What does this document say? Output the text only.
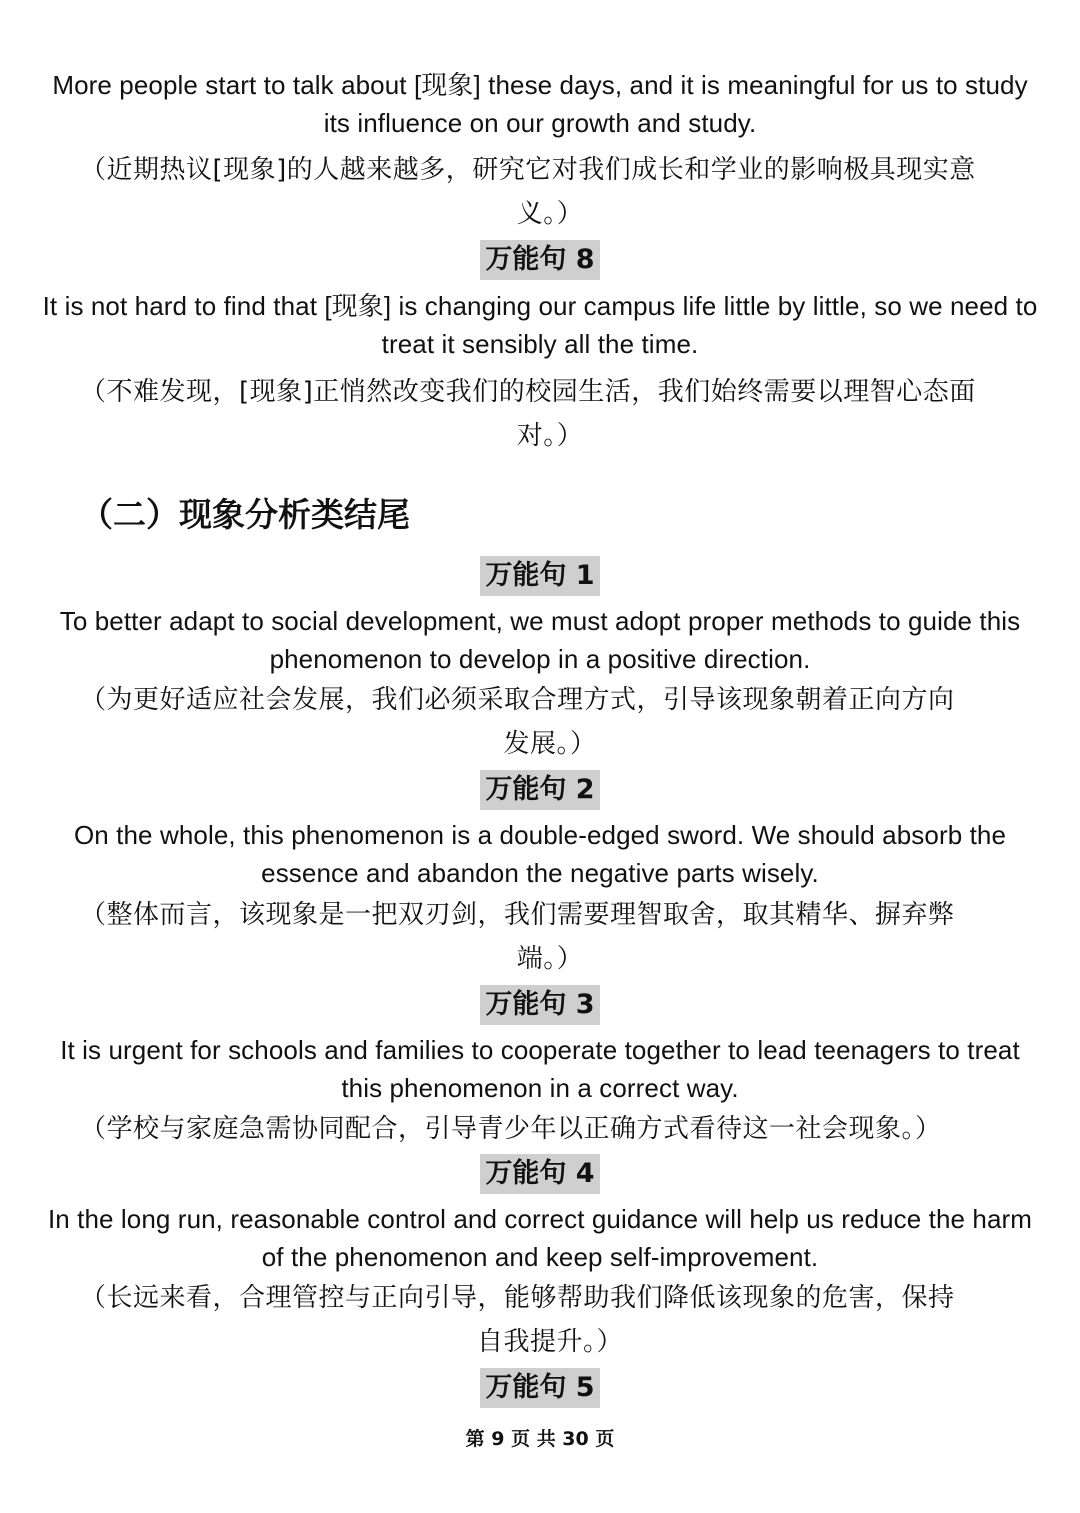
More people start to talk about [现象] these days, and it is meaningful for us to study its influence on our growth and study.
（近期热议[现象]的人越来越多，研究它对我们成长和学业的影响极具现实意
义。）
万能句 8
It is not hard to find that [现象] is changing our campus life little by little, so we need to treat it sensibly all the time.
（不难发现，[现象]正悄然改变我们的校园生活，我们始终需要以理智心态面
对。）
（二）现象分析类结尾
万能句 1
To better adapt to social development, we must adopt proper methods to guide this phenomenon to develop in a positive direction.
（为更好适应社会发展，我们必须采取合理方式，引导该现象朝着正向方向
发展。）
万能句 2
On the whole, this phenomenon is a double-edged sword. We should absorb the essence and abandon the negative parts wisely.
（整体而言，该现象是一把双刃剑，我们需要理智取舍，取其精华、摒弃弊
端。）
万能句 3
It is urgent for schools and families to cooperate together to lead teenagers to treat this phenomenon in a correct way.
（学校与家庭急需协同配合，引导青少年以正确方式看待这一社会现象。）
万能句 4
In the long run, reasonable control and correct guidance will help us reduce the harm of the phenomenon and keep self-improvement.
（长远来看，合理管控与正向引导，能够帮助我们降低该现象的危害，保持
自我提升。）
万能句 5
第 9 页 共 30 页
